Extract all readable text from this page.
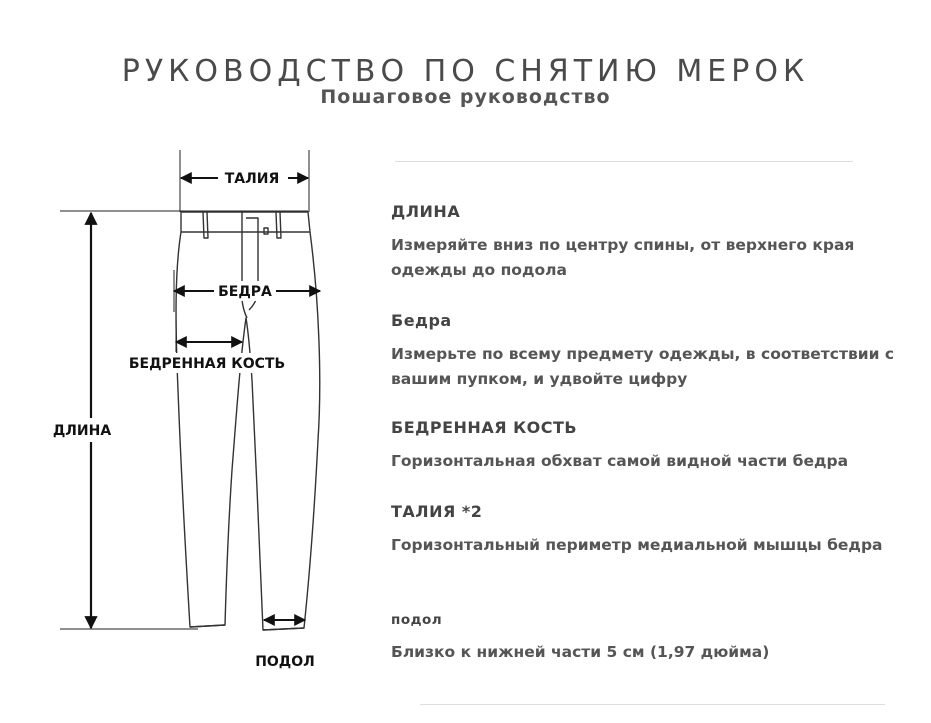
РУКОВОДСТВО ПО СНЯТИЮ МЕРОК
Пошаговое руководство
ТАЛИЯ
БЕДРА
БЕДРЕННАЯ КОСТЬ
ДЛИНА
ПОДОЛ
ДЛИНА
Измеряйте вниз по центру спины, от верхнего края
одежды до подола
Бедра
Измерьте по всему предмету одежды, в соответствии с
вашим пупком, и удвойте цифру
БЕДРЕННАЯ КОСТЬ
Горизонтальная обхват самой видной части бедра
ТАЛИЯ *2
Горизонтальный периметр медиальной мышцы бедра
подол
Близко к нижней части 5 см (1,97 дюйма)
